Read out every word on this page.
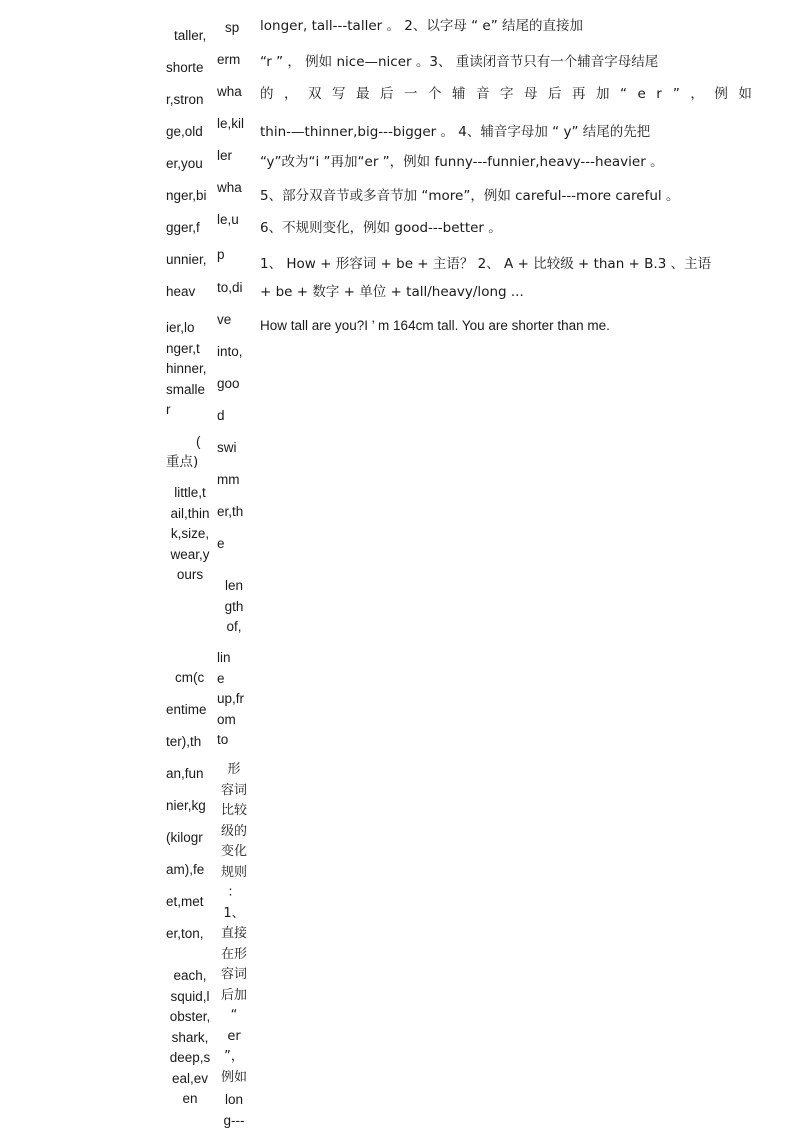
taller,
shorte
r,stron
ge,old
er,you
nger,bi
gger,f
unnier,
heav
ier,lo
nger,t
hinner,
smalle
r
(
重点)
little,t
ail,thin
k,size,
wear,y
ours
cm(c
entime
ter),th
an,fun
nier,kg
(kilogr
am),fe
et,met
er,ton,
each,
squid,l
obster,
shark,
deep,s
eal,ev
en
sp
erm
wha
le,kil
ler
wha
le,u
p
to,di
ve
into,
goo
d
swi
mm
er,th
e
len
gth
of,
lin
e
up,fr
om
to
形
容词
比较
级的
变化
规则
：
1、
直接
在形
容词
后加
“
er
”，
例如
lon
g---
longer, tall---taller 。 2、以字母 “ e” 结尾的直接加
“r ” ， 例如 nice—nicer 。3、 重读闭音节只有一个辅音字母结尾
的，双写最后一个辅音字母后再加“er”，例如
thin-—thinner,big---bigger 。 4、辅音字母加 “ y” 结尾的先把
“y”改为“i ”再加“er ”，例如 funny---funnier,heavy---heavier 。
5、部分双音节或多音节加 “more”，例如 careful---more careful 。
6、不规则变化，例如 good---better 。
1、 How + 形容词 + be + 主语？ 2、 A + 比较级 + than + B.3 、主语
+ be + 数字 + 单位 + tall/heavy/long ...
How tall are you?I ’ m 164cm tall. You are shorter than me.
